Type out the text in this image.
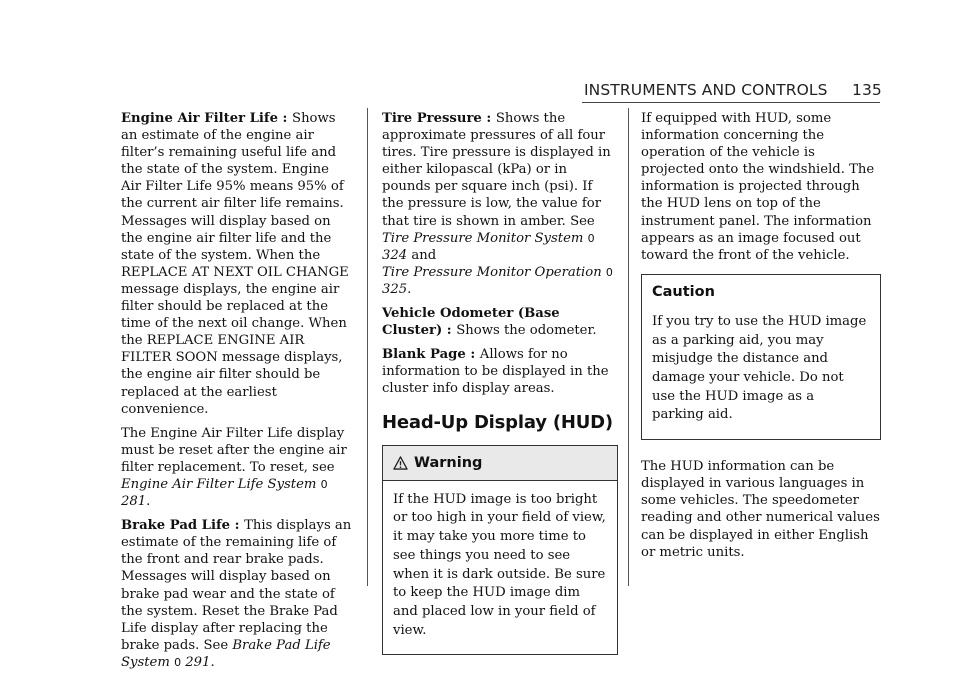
INSTRUMENTS AND CONTROLS 135

Engine Air Filter Life : Shows an estimate of the engine air filter’s remaining useful life and the state of the system. Engine Air Filter Life 95% means 95% of the current air filter life remains. Messages will display based on the engine air filter life and the state of the system. When the REPLACE AT NEXT OIL CHANGE message displays, the engine air filter should be replaced at the time of the next oil change. When the REPLACE ENGINE AIR FILTER SOON message displays, the engine air filter should be replaced at the earliest convenience.

The Engine Air Filter Life display must be reset after the engine air filter replacement. To reset, see Engine Air Filter Life System 0 281.

Brake Pad Life : This displays an estimate of the remaining life of the front and rear brake pads. Messages will display based on brake pad wear and the state of the system. Reset the Brake Pad Life display after replacing the brake pads. See Brake Pad Life System 0 291.

Tire Pressure : Shows the approximate pressures of all four tires. Tire pressure is displayed in either kilopascal (kPa) or in pounds per square inch (psi). If the pressure is low, the value for that tire is shown in amber. See Tire Pressure Monitor System 0 324 and
Tire Pressure Monitor Operation 0 325.

Vehicle Odometer (Base Cluster) : Shows the odometer.

Blank Page : Allows for no information to be displayed in the cluster info display areas.

Head-Up Display (HUD)
Warning

If the HUD image is too bright or too high in your field of view, it may take you more time to see things you need to see when it is dark outside. Be sure to keep the HUD image dim and placed low in your field of view.

If equipped with HUD, some information concerning the operation of the vehicle is projected onto the windshield. The information is projected through the HUD lens on top of the instrument panel. The information appears as an image focused out toward the front of the vehicle.

Caution

If you try to use the HUD image as a parking aid, you may misjudge the distance and damage your vehicle. Do not use the HUD image as a parking aid.

The HUD information can be displayed in various languages in some vehicles. The speedometer reading and other numerical values can be displayed in either English or metric units.
